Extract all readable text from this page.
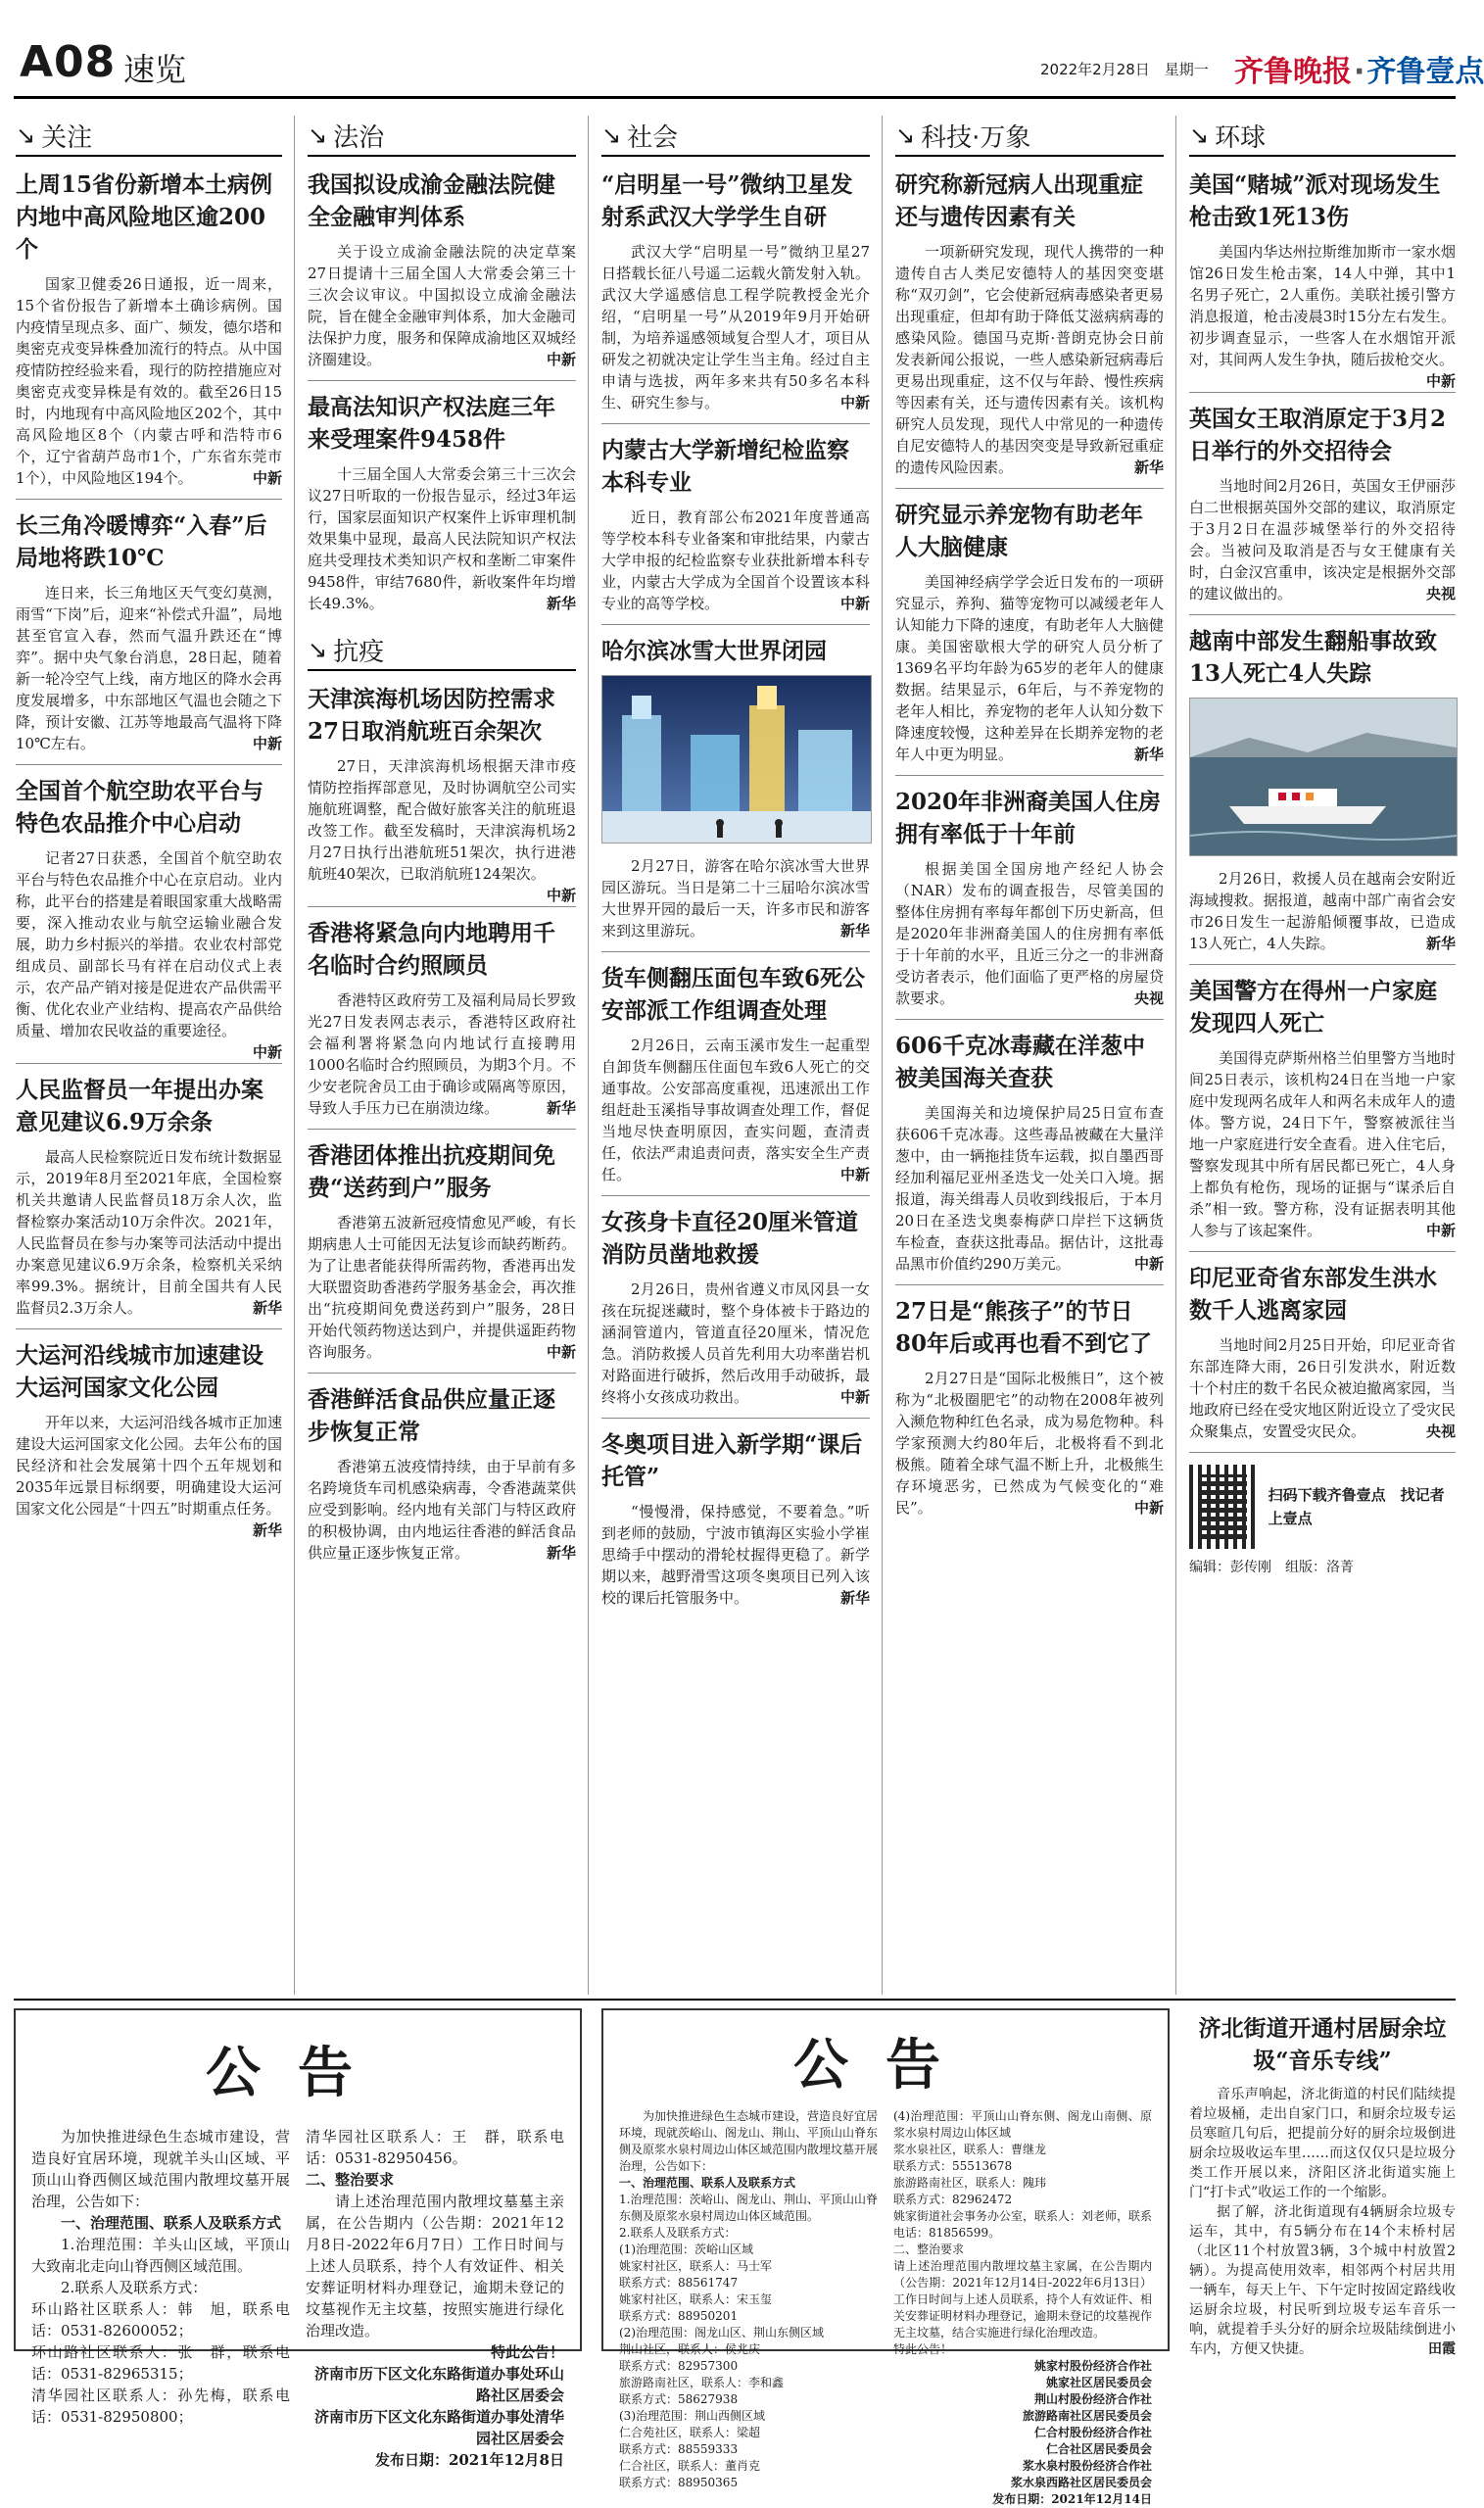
A08 速览	2022年2月28日　星期一 齐鲁晚报·齐鲁壹点
↘ 关注
上周15省份新增本土病例内地中高风险地区逾200个

国家卫健委26日通报，近一周来，15个省份报告了新增本土确诊病例。国内疫情呈现点多、面广、频发，德尔塔和奥密克戎变异株叠加流行的特点。从中国疫情防控经验来看，现行的防控措施应对奥密克戎变异株是有效的。截至26日15时，内地现有中高风险地区202个，其中高风险地区8个（内蒙古呼和浩特市6个，辽宁省葫芦岛市1个，广东省东莞市1个），中风险地区194个。	中新

长三角冷暖博弈“入春”后局地将跌10℃

连日来，长三角地区天气变幻莫测，雨雪“下岗”后，迎来“补偿式升温”，局地甚至官宣入春，然而气温升跌还在“博弈”。据中央气象台消息，28日起，随着新一轮冷空气上线，南方地区的降水会再度发展增多，中东部地区气温也会随之下降，预计安徽、江苏等地最高气温将下降10℃左右。	中新

全国首个航空助农平台与特色农品推介中心启动

记者27日获悉，全国首个航空助农平台与特色农品推介中心在京启动。业内称，此平台的搭建是着眼国家重大战略需要，深入推动农业与航空运输业融合发展，助力乡村振兴的举措。农业农村部党组成员、副部长马有祥在启动仪式上表示，农产品产销对接是促进农产品供需平衡、优化农业产业结构、提高农产品供给质量、增加农民收益的重要途径。
中新

人民监督员一年提出办案意见建议6.9万余条

最高人民检察院近日发布统计数据显示，2019年8月至2021年底，全国检察机关共邀请人民监督员18万余人次，监督检察办案活动10万余件次。2021年，人民监督员在参与办案等司法活动中提出办案意见建议6.9万余条，检察机关采纳率99.3%。据统计，目前全国共有人民监督员2.3万余人。	新华

大运河沿线城市加速建设大运河国家文化公园

开年以来，大运河沿线各城市正加速建设大运河国家文化公园。去年公布的国民经济和社会发展第十四个五年规划和2035年远景目标纲要，明确建设大运河国家文化公园是“十四五”时期重点任务。
新华

↘ 法治
我国拟设成渝金融法院健全金融审判体系

关于设立成渝金融法院的决定草案27日提请十三届全国人大常委会第三十三次会议审议。中国拟设立成渝金融法院，旨在健全金融审判体系，加大金融司法保护力度，服务和保障成渝地区双城经济圈建设。	中新

最高法知识产权法庭三年来受理案件9458件

十三届全国人大常委会第三十三次会议27日听取的一份报告显示，经过3年运行，国家层面知识产权案件上诉审理机制效果集中显现，最高人民法院知识产权法庭共受理技术类知识产权和垄断二审案件9458件，审结7680件，新收案件年均增长49.3%。	新华

↘ 抗疫
天津滨海机场因防控需求27日取消航班百余架次

27日，天津滨海机场根据天津市疫情防控指挥部意见，及时协调航空公司实施航班调整，配合做好旅客关注的航班退改签工作。截至发稿时，天津滨海机场2月27日执行出港航班51架次，执行进港航班40架次，已取消航班124架次。
中新

香港将紧急向内地聘用千名临时合约照顾员

香港特区政府劳工及福利局局长罗致光27日发表网志表示，香港特区政府社会福利署将紧急向内地试行直接聘用1000名临时合约照顾员，为期3个月。不少安老院舍员工由于确诊或隔离等原因，导致人手压力已在崩溃边缘。	新华

香港团体推出抗疫期间免费“送药到户”服务

香港第五波新冠疫情愈见严峻，有长期病患人士可能因无法复诊而缺药断药。为了让患者能获得所需药物，香港再出发大联盟资助香港药学服务基金会，再次推出“抗疫期间免费送药到户”服务，28日开始代领药物送达到户，并提供遥距药物咨询服务。	中新

香港鲜活食品供应量正逐步恢复正常

香港第五波疫情持续，由于早前有多名跨境货车司机感染病毒，令香港蔬菜供应受到影响。经内地有关部门与特区政府的积极协调，由内地运往香港的鲜活食品供应量正逐步恢复正常。	新华

↘ 社会
“启明星一号”微纳卫星发射系武汉大学学生自研

武汉大学“启明星一号”微纳卫星27日搭载长征八号遥二运载火箭发射入轨。武汉大学遥感信息工程学院教授金光介绍，“启明星一号”从2019年9月开始研制，为培养遥感领域复合型人才，项目从研发之初就决定让学生当主角。经过自主申请与选拔，两年多来共有50多名本科生、研究生参与。	中新

内蒙古大学新增纪检监察本科专业

近日，教育部公布2021年度普通高等学校本科专业备案和审批结果，内蒙古大学申报的纪检监察专业获批新增本科专业，内蒙古大学成为全国首个设置该本科专业的高等学校。	中新

哈尔滨冰雪大世界闭园

2月27日，游客在哈尔滨冰雪大世界园区游玩。当日是第二十三届哈尔滨冰雪大世界开园的最后一天，许多市民和游客来到这里游玩。	新华

货车侧翻压面包车致6死公安部派工作组调查处理

2月26日，云南玉溪市发生一起重型自卸货车侧翻压住面包车致6人死亡的交通事故。公安部高度重视，迅速派出工作组赶赴玉溪指导事故调查处理工作，督促当地尽快查明原因，查实问题，查清责任，依法严肃追责问责，落实安全生产责任。	中新

女孩身卡直径20厘米管道消防员凿地救援

2月26日，贵州省遵义市凤冈县一女孩在玩捉迷藏时，整个身体被卡于路边的涵洞管道内，管道直径20厘米，情况危急。消防救援人员首先利用大功率凿岩机对路面进行破拆，然后改用手动破拆，最终将小女孩成功救出。	中新

冬奥项目进入新学期“课后托管”

“慢慢滑，保持感觉，不要着急。”听到老师的鼓励，宁波市镇海区实验小学崔思绮手中摆动的滑轮杖握得更稳了。新学期以来，越野滑雪这项冬奥项目已列入该校的课后托管服务中。	新华

↘ 科技·万象
研究称新冠病人出现重症还与遗传因素有关

一项新研究发现，现代人携带的一种遗传自古人类尼安德特人的基因突变堪称“双刃剑”，它会使新冠病毒感染者更易出现重症，但却有助于降低艾滋病病毒的感染风险。德国马克斯·普朗克协会日前发表新闻公报说，一些人感染新冠病毒后更易出现重症，这不仅与年龄、慢性疾病等因素有关，还与遗传因素有关。该机构研究人员发现，现代人中常见的一种遗传自尼安德特人的基因突变是导致新冠重症的遗传风险因素。	新华

研究显示养宠物有助老年人大脑健康

美国神经病学学会近日发布的一项研究显示，养狗、猫等宠物可以减缓老年人认知能力下降的速度，有助老年人大脑健康。美国密歇根大学的研究人员分析了1369名平均年龄为65岁的老年人的健康数据。结果显示，6年后，与不养宠物的老年人相比，养宠物的老年人认知分数下降速度较慢，这种差异在长期养宠物的老年人中更为明显。	新华

2020年非洲裔美国人住房拥有率低于十年前

根据美国全国房地产经纪人协会（NAR）发布的调查报告，尽管美国的整体住房拥有率每年都创下历史新高，但是2020年非洲裔美国人的住房拥有率低于十年前的水平，且近三分之一的非洲裔受访者表示，他们面临了更严格的房屋贷款要求。	央视

606千克冰毒藏在洋葱中被美国海关查获

美国海关和边境保护局25日宣布查获606千克冰毒。这些毒品被藏在大量洋葱中，由一辆拖挂货车运载，拟自墨西哥经加利福尼亚州圣迭戈一处关口入境。据报道，海关缉毒人员收到线报后，于本月20日在圣迭戈奥泰梅萨口岸拦下这辆货车检查，查获这批毒品。据估计，这批毒品黑市价值约290万美元。	中新

27日是“熊孩子”的节日80年后或再也看不到它了

2月27日是“国际北极熊日”，这个被称为“北极圈肥宅”的动物在2008年被列入濒危物种红色名录，成为易危物种。科学家预测大约80年后，北极将看不到北极熊。随着全球气温不断上升，北极熊生存环境恶劣，已然成为气候变化的“难民”。	中新

↘ 环球
美国“赌城”派对现场发生枪击致1死13伤

美国内华达州拉斯维加斯市一家水烟馆26日发生枪击案，14人中弹，其中1名男子死亡，2人重伤。美联社援引警方消息报道，枪击凌晨3时15分左右发生。初步调查显示，一些客人在水烟馆开派对，其间两人发生争执，随后拔枪交火。
中新

英国女王取消原定于3月2日举行的外交招待会

当地时间2月26日，英国女王伊丽莎白二世根据英国外交部的建议，取消原定于3月2日在温莎城堡举行的外交招待会。当被问及取消是否与女王健康有关时，白金汉宫重申，该决定是根据外交部的建议做出的。	央视

越南中部发生翻船事故致13人死亡4人失踪

2月26日，救援人员在越南会安附近海域搜救。据报道，越南中部广南省会安市26日发生一起游船倾覆事故，已造成13人死亡，4人失踪。	新华

美国警方在得州一户家庭发现四人死亡

美国得克萨斯州格兰伯里警方当地时间25日表示，该机构24日在当地一户家庭中发现两名成年人和两名未成年人的遗体。警方说，24日下午，警察被派往当地一户家庭进行安全查看。进入住宅后，警察发现其中所有居民都已死亡，4人身上都负有枪伤，现场的证据与“谋杀后自杀”相一致。警方称，没有证据表明其他人参与了该起案件。	中新

印尼亚奇省东部发生洪水数千人逃离家园

当地时间2月25日开始，印尼亚奇省东部连降大雨，26日引发洪水，附近数十个村庄的数千名民众被迫撤离家园，当地政府已经在受灾地区附近设立了受灾民众聚集点，安置受灾民众。	央视

扫码下载齐鲁壹点　找记者　上壹点
编辑：彭传刚　组版：洛菁
公告

为加快推进绿色生态城市建设，营造良好宜居环境，现就羊头山区域、平顶山山脊西侧区域范围内散埋坟墓开展治理，公告如下：

一、治理范围、联系人及联系方式

1.治理范围：羊头山区域，平顶山大致南北走向山脊西侧区域范围。

2.联系人及联系方式：

环山路社区联系人：韩　旭，联系电话：0531-82600052；

环山路社区联系人：张　群，联系电话：0531-82965315；

清华园社区联系人：孙先梅，联系电话：0531-82950800；

清华园社区联系人：王　群，联系电话：0531-82950456。

二、整治要求

请上述治理范围内散埋坟墓墓主亲属，在公告期内（公告期：2021年12月8日-2022年6月7日）工作日时间与上述人员联系，持个人有效证件、相关安葬证明材料办理登记，逾期未登记的坟墓视作无主坟墓，按照实施进行绿化治理改造。

特此公告！

济南市历下区文化东路街道办事处环山路社区居委会

济南市历下区文化东路街道办事处清华园社区居委会

发布日期：2021年12月8日

公告

为加快推进绿色生态城市建设，营造良好宜居环境，现就茨峪山、阁龙山、荆山、平顶山山脊东侧及原浆水泉村周边山体区域范围内散埋坟墓开展治理，公告如下：

一、治理范围、联系人及联系方式

1.治理范围：茨峪山、阁龙山、荆山、平顶山山脊东侧及原浆水泉村周边山体区域范围。

2.联系人及联系方式：

(1)治理范围：茨峪山区域

姚家村社区，联系人：马士军

联系方式：88561747

姚家村社区，联系人：宋玉玺

联系方式：88950201

(2)治理范围：阁龙山区、荆山东侧区域

荆山社区，联系人：侯兆庆

联系方式：82957300

旅游路南社区，联系人：李和鑫

联系方式：58627938

(3)治理范围：荆山西侧区域

仁合苑社区，联系人：梁超

联系方式：88559333

仁合社区，联系人：董肖克

联系方式：88950365

(4)治理范围：平顶山山脊东侧、阁龙山南侧、原浆水泉村周边山体区域

浆水泉社区，联系人：曹继龙

联系方式：55513678

旅游路南社区，联系人：隗玮

联系方式：82962472

姚家街道社会事务办公室，联系人：刘老师，联系电话：81856599。

二、整治要求

请上述治理范围内散埋坟墓主家属，在公告期内（公告期：2021年12月14日-2022年6月13日）工作日时间与上述人员联系，持个人有效证件、相关安葬证明材料办理登记，逾期未登记的坟墓视作无主坟墓，结合实施进行绿化治理改造。

特此公告！

姚家村股份经济合作社

姚家社区居民委员会

荆山村股份经济合作社

旅游路南社区居民委员会

仁合村股份经济合作社

仁合社区居民委员会

浆水泉村股份经济合作社

浆水泉西路社区居民委员会

发布日期：2021年12月14日

济北街道开通村居厨余垃圾“音乐专线”

音乐声响起，济北街道的村民们陆续提着垃圾桶，走出自家门口，和厨余垃圾专运员寒暄几句后，把提前分好的厨余垃圾倒进厨余垃圾收运车里……而这仅仅只是垃圾分类工作开展以来，济阳区济北街道实施上门“打卡式”收运工作的一个缩影。

据了解，济北街道现有4辆厨余垃圾专运车，其中，有5辆分布在14个末桥村居（北区11个村放置3辆，3个城中村放置2辆）。为提高使用效率，相邻两个村居共用一辆车，每天上午、下午定时按固定路线收运厨余垃圾，村民听到垃圾专运车音乐一响，就提着手头分好的厨余垃圾陆续倒进小车内，方便又快捷。	田霞
